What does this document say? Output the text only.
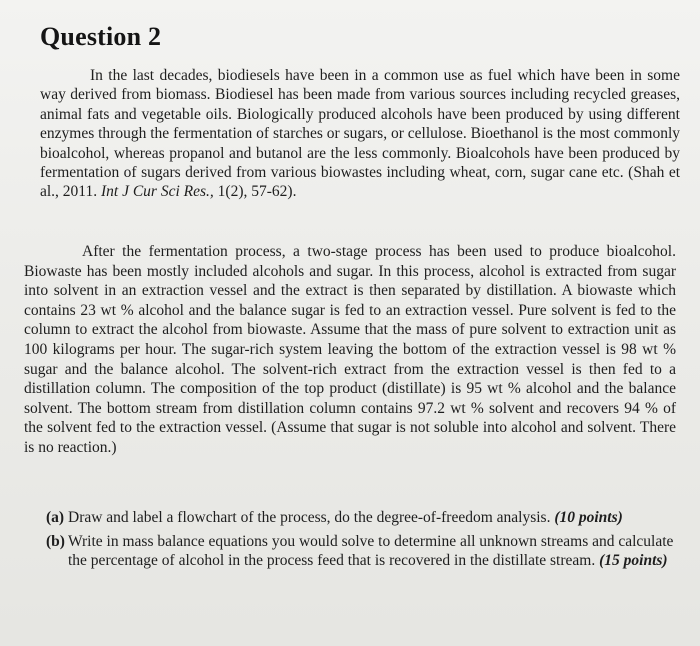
Question 2

In the last decades, biodiesels have been in a common use as fuel which have been in some way derived from biomass. Biodiesel has been made from various sources including recycled greases, animal fats and vegetable oils. Biologically produced alcohols have been produced by using different enzymes through the fermentation of starches or sugars, or cellulose. Bioethanol is the most commonly bioalcohol, whereas propanol and butanol are the less commonly. Bioalcohols have been produced by fermentation of sugars derived from various biowastes including wheat, corn, sugar cane etc. (Shah et al., 2011. Int J Cur Sci Res., 1(2), 57-62).

After the fermentation process, a two-stage process has been used to produce bioalcohol. Biowaste has been mostly included alcohols and sugar. In this process, alcohol is extracted from sugar into solvent in an extraction vessel and the extract is then separated by distillation. A biowaste which contains 23 wt % alcohol and the balance sugar is fed to an extraction vessel. Pure solvent is fed to the column to extract the alcohol from biowaste. Assume that the mass of pure solvent to extraction unit as 100 kilograms per hour. The sugar-rich system leaving the bottom of the extraction vessel is 98 wt % sugar and the balance alcohol. The solvent-rich extract from the extraction vessel is then fed to a distillation column. The composition of the top product (distillate) is 95 wt % alcohol and the balance solvent. The bottom stream from distillation column contains 97.2 wt % solvent and recovers 94 % of the solvent fed to the extraction vessel. (Assume that sugar is not soluble into alcohol and solvent. There is no reaction.)

(a) Draw and label a flowchart of the process, do the degree-of-freedom analysis. (10 points)
(b) Write in mass balance equations you would solve to determine all unknown streams and calculate the percentage of alcohol in the process feed that is recovered in the distillate stream. (15 points)
